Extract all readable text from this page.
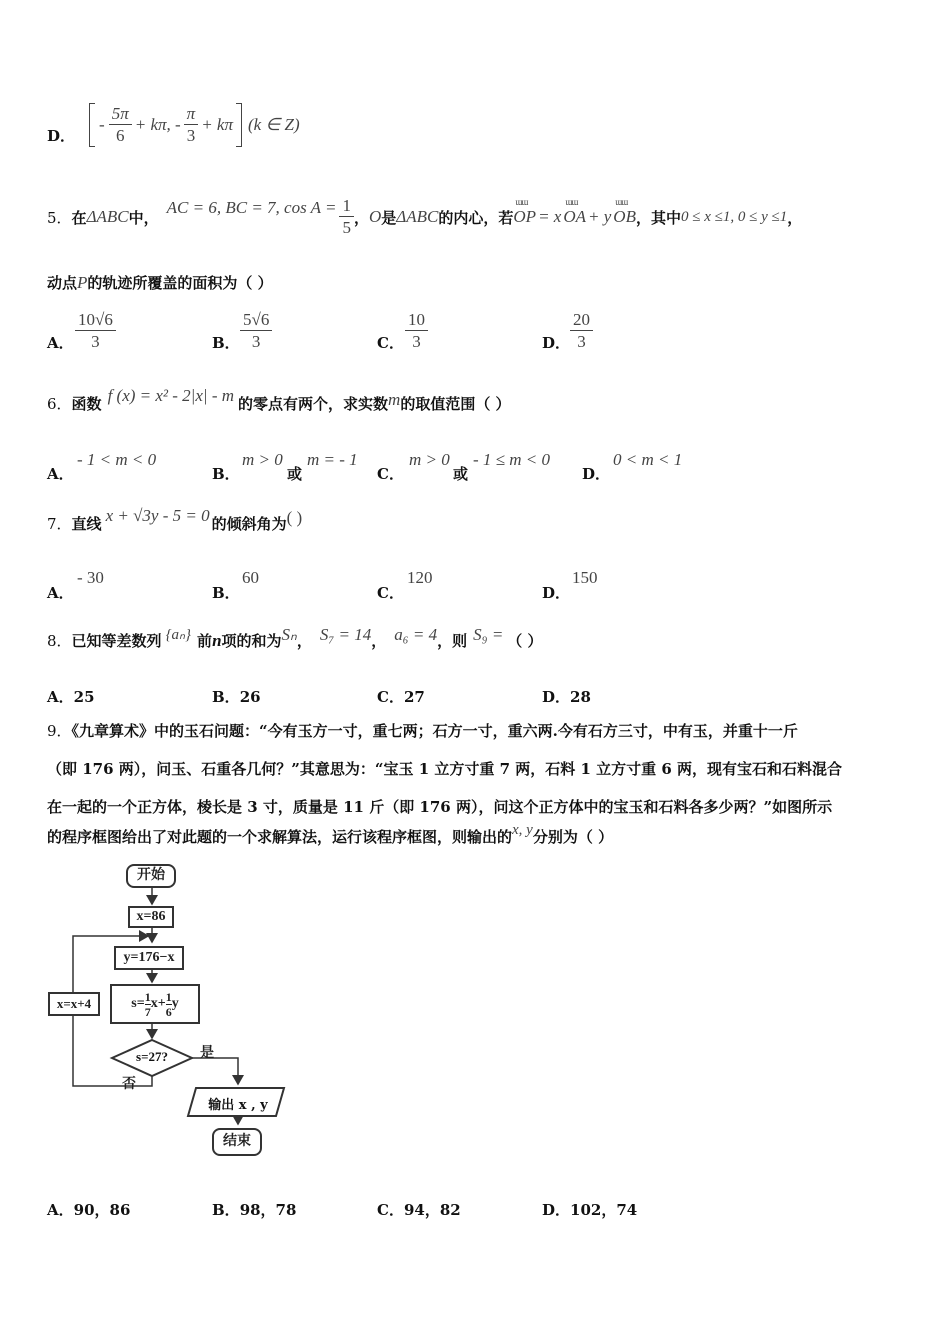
D．
- $\frac{5\pi}{6} + k\pi$, - $\frac{\pi}{3} + k\pi$ (k ∈ Z)
5． 在 ΔABC 中，
AC = 6, BC = 7, $\cos A = \frac{1}{5}$ ， O 是 ΔABC 的内心，若 ɯɯ OP = x ɯɯ OA + y ɯɯ OB ，其中 0 ≤ x ≤1, 0 ≤ y ≤1 ，
动点 P 的轨迹所覆盖的面积为（ ）
A． $\frac{10√6}{3}$	B． $\frac{5√6}{3}$	C． $\frac{10}{3}$	D． $\frac{20}{3}$
6． 函数 f (x) = x² - 2|x| - m 的零点有两个，求实数 m 的取值范围（ ）
A．
- 1 < m < 0
B．
m > 0
或
m = - 1
C．
m > 0
或
- 1 ≤ m < 0
D．
0 < m < 1
7． 直线 x + √3y - 5 = 0 的倾斜角为 ( )
A．
- 30
B．
60
C．
120
D．
150
8． 已知等差数列 {aₙ} 前 n 项的和为 Sₙ ， S₇ = 14 ， a₆ = 4 ，则 S₉ = （ ）
A．25	B．26	C．27	D．28
9．《九章算术》中的玉石问题：“今有玉方一寸，重七两；石方一寸，重六两.今有石方三寸，中有玉，并重十一斤
（即 176 两），问玉、石重各几何？”其意思为：“宝玉 1 立方寸重 7 两，石料 1 立方寸重 6 两，现有宝石和石料混合
在一起的一个正方体，棱长是 3 寸，质量是 11 斤（即 176 两），问这个正方体中的宝玉和石料各多少两？”如图所示
的程序框图给出了对此题的一个求解算法，运行该程序框图，则输出的 x, y 分别为（ ）
开始
x=86
y=176−x
$s= \frac{1}{7} x+ \frac{1}{6}$ y
s=27?	是
否
x=x+4
输出 x , y
结束
A．90，86	B．98，78	C．94，82	D．102，74
